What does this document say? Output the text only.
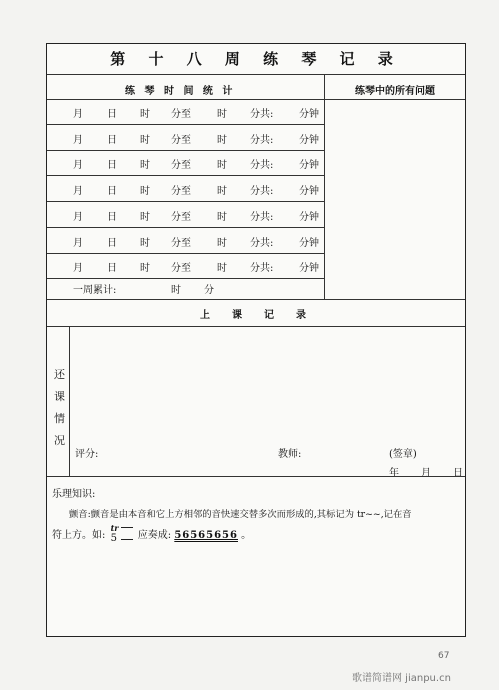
第 十 八 周 练 琴 记 录
练 琴 时 间 统 计	练琴中的所有问题
月 日 时 分至	时 分共:	分钟
月 日 时 分至	时 分共:	分钟
月 日 时 分至	时 分共:	分钟
月 日 时 分至	时 分共:	分钟
月 日 时 分至	时 分共:	分钟
月 日 时 分至	时 分共:	分钟
月 日 时 分至	时 分共:	分钟
一周累计:	时 分
上　课　记　录
还
课
情
况
评分:	教师:	(签章)
年 月 日
乐理知识:
颤音:颤音是由本音和它上方相邻的音快速交替多次而形成的,其标记为 tr~~,记在音
符上方。如:
tr
5 应奏成: 56565656 。
67
歌谱简谱网 jianpu.cn
